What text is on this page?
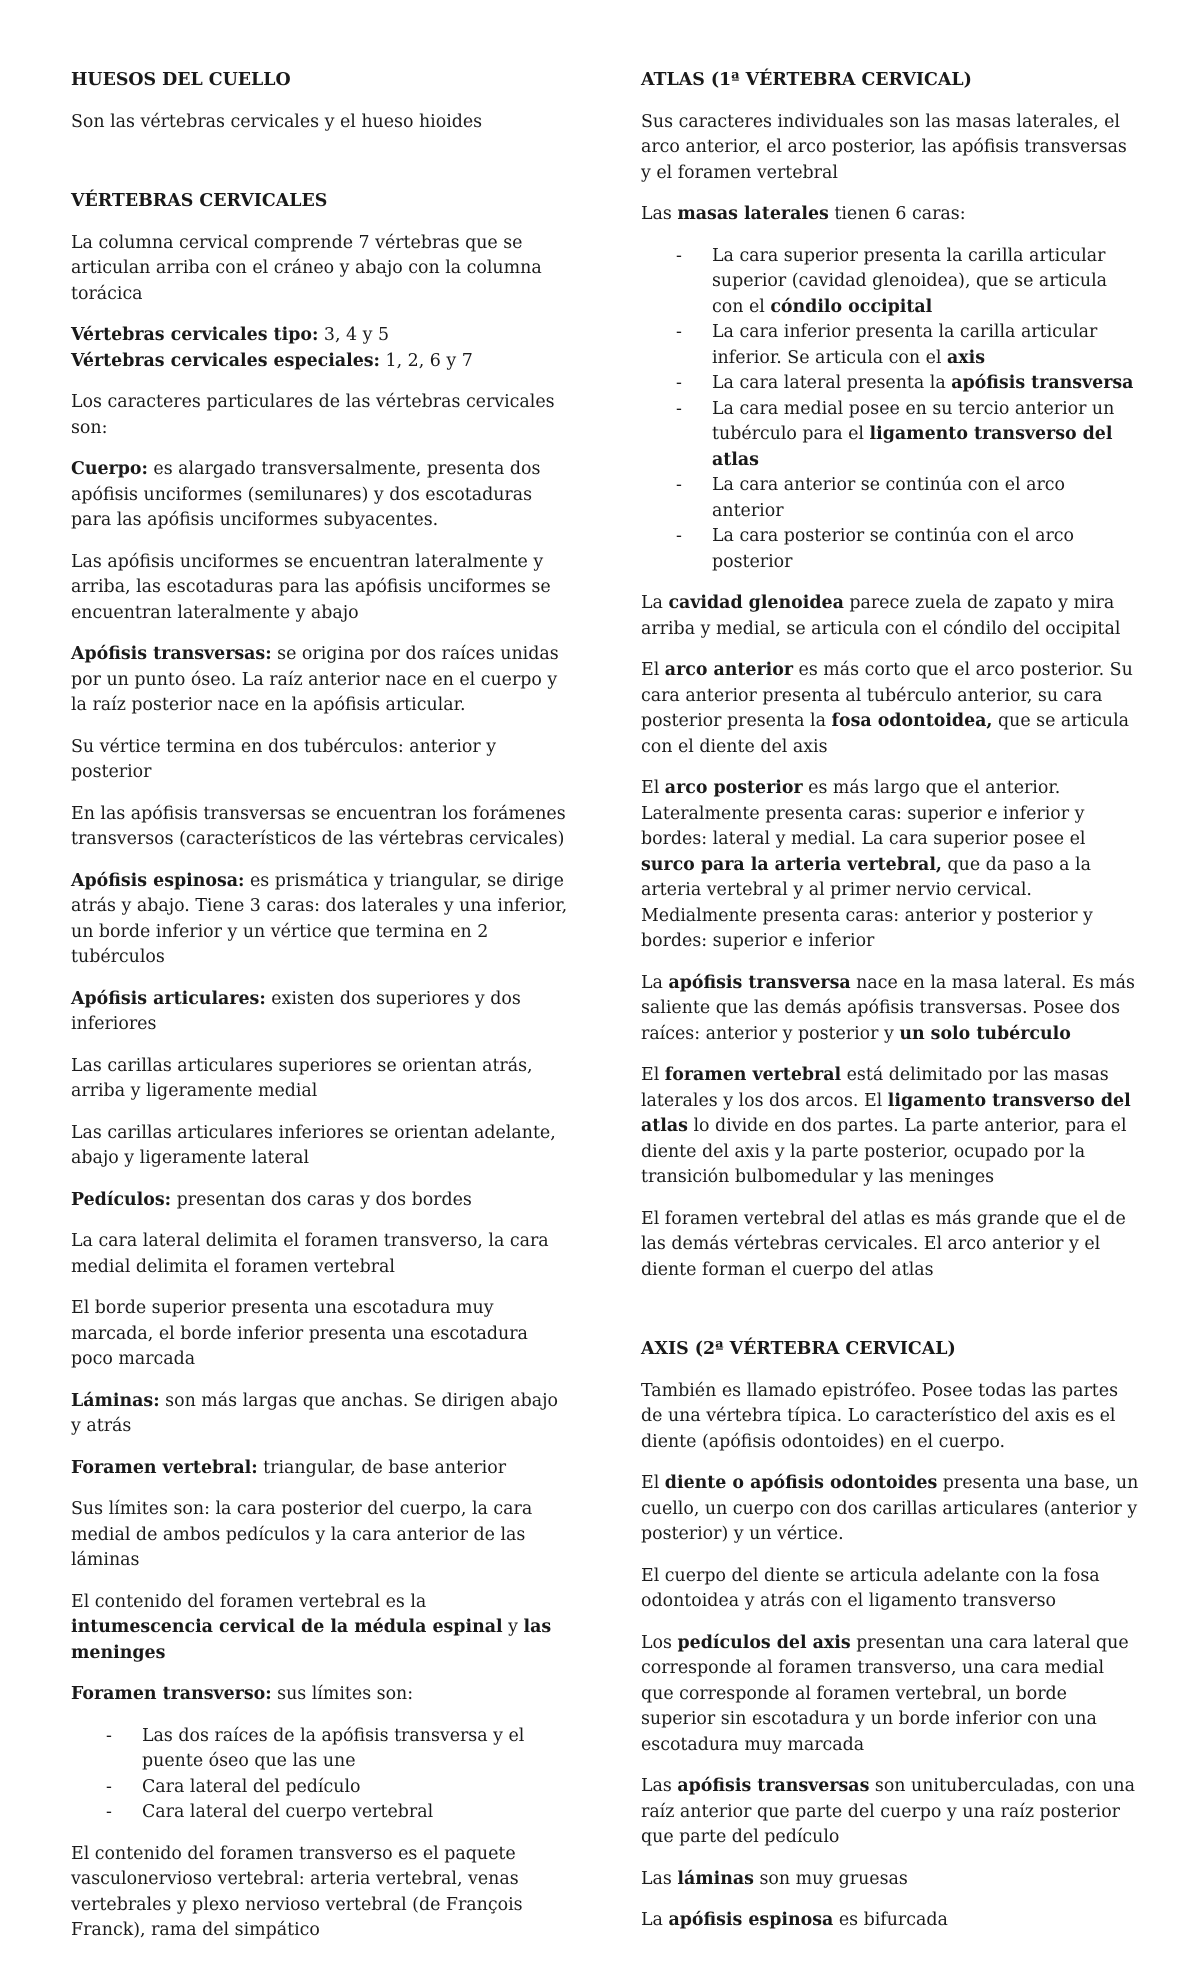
HUESOS DEL CUELLO

Son las vértebras cervicales y el hueso hioides

VÉRTEBRAS CERVICALES

La columna cervical comprende 7 vértebras que se articulan arriba con el cráneo y abajo con la columna torácica

Vértebras cervicales tipo: 3, 4 y 5
Vértebras cervicales especiales: 1, 2, 6 y 7

Los caracteres particulares de las vértebras cervicales son:

Cuerpo: es alargado transversalmente, presenta dos apófisis unciformes (semilunares) y dos escotaduras para las apófisis unciformes subyacentes.

Las apófisis unciformes se encuentran lateralmente y arriba, las escotaduras para las apófisis unciformes se encuentran lateralmente y abajo

Apófisis transversas: se origina por dos raíces unidas por un punto óseo. La raíz anterior nace en el cuerpo y la raíz posterior nace en la apófisis articular.

Su vértice termina en dos tubérculos: anterior y posterior

En las apófisis transversas se encuentran los forámenes transversos (característicos de las vértebras cervicales)

Apófisis espinosa: es prismática y triangular, se dirige atrás y abajo. Tiene 3 caras: dos laterales y una inferior, un borde inferior y un vértice que termina en 2 tubérculos

Apófisis articulares: existen dos superiores y dos inferiores

Las carillas articulares superiores se orientan atrás, arriba y ligeramente medial

Las carillas articulares inferiores se orientan adelante, abajo y ligeramente lateral

Pedículos: presentan dos caras y dos bordes

La cara lateral delimita el foramen transverso, la cara medial delimita el foramen vertebral

El borde superior presenta una escotadura muy marcada, el borde inferior presenta una escotadura poco marcada

Láminas: son más largas que anchas. Se dirigen abajo y atrás

Foramen vertebral: triangular, de base anterior

Sus límites son: la cara posterior del cuerpo, la cara medial de ambos pedículos y la cara anterior de las láminas

El contenido del foramen vertebral es la intumescencia cervical de la médula espinal y las meninges

Foramen transverso: sus límites son:

- Las dos raíces de la apófisis transversa y el puente óseo que las une
- Cara lateral del pedículo
- Cara lateral del cuerpo vertebral

El contenido del foramen transverso es el paquete vasculonervioso vertebral: arteria vertebral, venas vertebrales y plexo nervioso vertebral (de François Franck), rama del simpático

ATLAS (1ª VÉRTEBRA CERVICAL)

Sus caracteres individuales son las masas laterales, el arco anterior, el arco posterior, las apófisis transversas y el foramen vertebral

Las masas laterales tienen 6 caras:

- La cara superior presenta la carilla articular superior (cavidad glenoidea), que se articula con el cóndilo occipital
- La cara inferior presenta la carilla articular inferior. Se articula con el axis
- La cara lateral presenta la apófisis transversa
- La cara medial posee en su tercio anterior un tubérculo para el ligamento transverso del atlas
- La cara anterior se continúa con el arco anterior
- La cara posterior se continúa con el arco posterior

La cavidad glenoidea parece zuela de zapato y mira arriba y medial, se articula con el cóndilo del occipital

El arco anterior es más corto que el arco posterior. Su cara anterior presenta al tubérculo anterior, su cara posterior presenta la fosa odontoidea, que se articula con el diente del axis

El arco posterior es más largo que el anterior. Lateralmente presenta caras: superior e inferior y bordes: lateral y medial. La cara superior posee el surco para la arteria vertebral, que da paso a la arteria vertebral y al primer nervio cervical.
Medialmente presenta caras: anterior y posterior y bordes: superior e inferior

La apófisis transversa nace en la masa lateral. Es más saliente que las demás apófisis transversas. Posee dos raíces: anterior y posterior y un solo tubérculo

El foramen vertebral está delimitado por las masas laterales y los dos arcos. El ligamento transverso del atlas lo divide en dos partes. La parte anterior, para el diente del axis y la parte posterior, ocupado por la transición bulbomedular y las meninges

El foramen vertebral del atlas es más grande que el de las demás vértebras cervicales. El arco anterior y el diente forman el cuerpo del atlas

AXIS (2ª VÉRTEBRA CERVICAL)

También es llamado epistrófeo. Posee todas las partes de una vértebra típica. Lo característico del axis es el diente (apófisis odontoides) en el cuerpo.

El diente o apófisis odontoides presenta una base, un cuello, un cuerpo con dos carillas articulares (anterior y posterior) y un vértice.

El cuerpo del diente se articula adelante con la fosa odontoidea y atrás con el ligamento transverso

Los pedículos del axis presentan una cara lateral que corresponde al foramen transverso, una cara medial que corresponde al foramen vertebral, un borde superior sin escotadura y un borde inferior con una escotadura muy marcada

Las apófisis transversas son unituberculadas, con una raíz anterior que parte del cuerpo y una raíz posterior que parte del pedículo

Las láminas son muy gruesas

La apófisis espinosa es bifurcada
